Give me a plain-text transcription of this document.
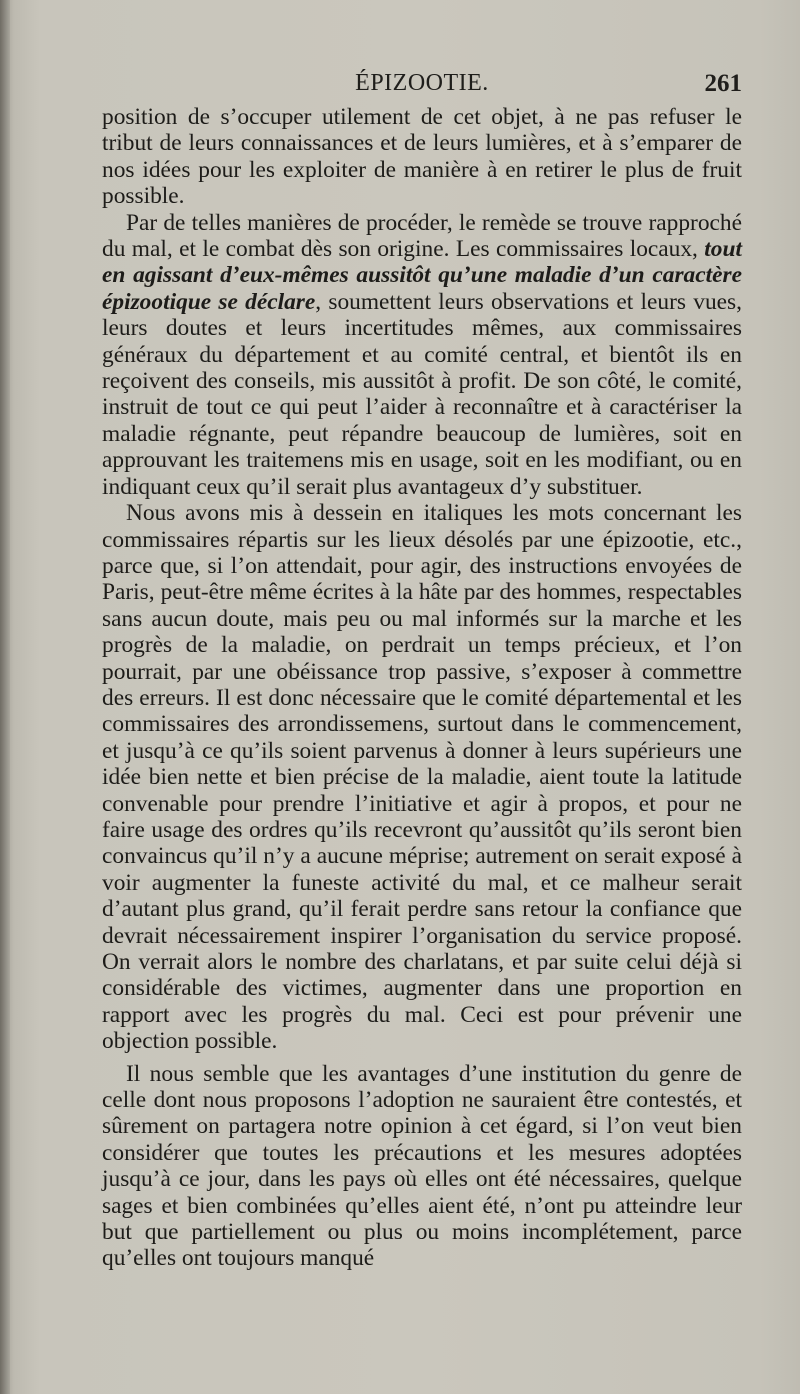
ÉPIZOOTIE.	261

position de s’occuper utilement de cet objet, à ne pas refuser le tribut de leurs connaissances et de leurs lumières, et à s’emparer de nos idées pour les exploiter de manière à en retirer le plus de fruit possible.

Par de telles manières de procéder, le remède se trouve rapproché du mal, et le combat dès son origine. Les commissaires locaux, tout en agissant d’eux-mêmes aussitôt qu’une maladie d’un caractère épizootique se déclare, soumettent leurs observations et leurs vues, leurs doutes et leurs incertitudes mêmes, aux commissaires généraux du département et au comité central, et bientôt ils en reçoivent des conseils, mis aussitôt à profit. De son côté, le comité, instruit de tout ce qui peut l’aider à reconnaître et à caractériser la maladie régnante, peut répandre beaucoup de lumières, soit en approuvant les traitemens mis en usage, soit en les modifiant, ou en indiquant ceux qu’il serait plus avantageux d’y substituer.

Nous avons mis à dessein en italiques les mots concernant les commissaires répartis sur les lieux désolés par une épizootie, etc., parce que, si l’on attendait, pour agir, des instructions envoyées de Paris, peut-être même écrites à la hâte par des hommes, respectables sans aucun doute, mais peu ou mal informés sur la marche et les progrès de la maladie, on perdrait un temps précieux, et l’on pourrait, par une obéissance trop passive, s’exposer à commettre des erreurs. Il est donc nécessaire que le comité départemental et les commissaires des arrondissemens, surtout dans le commencement, et jusqu’à ce qu’ils soient parvenus à donner à leurs supérieurs une idée bien nette et bien précise de la maladie, aient toute la latitude convenable pour prendre l’initiative et agir à propos, et pour ne faire usage des ordres qu’ils recevront qu’aussitôt qu’ils seront bien convaincus qu’il n’y a aucune méprise; autrement on serait exposé à voir augmenter la funeste activité du mal, et ce malheur serait d’autant plus grand, qu’il ferait perdre sans retour la confiance que devrait nécessairement inspirer l’organisation du service proposé. On verrait alors le nombre des charlatans, et par suite celui déjà si considérable des victimes, augmenter dans une proportion en rapport avec les progrès du mal. Ceci est pour prévenir une objection possible.

Il nous semble que les avantages d’une institution du genre de celle dont nous proposons l’adoption ne sauraient être contestés, et sûrement on partagera notre opinion à cet égard, si l’on veut bien considérer que toutes les précautions et les mesures adoptées jusqu’à ce jour, dans les pays où elles ont été nécessaires, quelque sages et bien combinées qu’elles aient été, n’ont pu atteindre leur but que partiellement ou plus ou moins incomplétement, parce qu’elles ont toujours manqué
